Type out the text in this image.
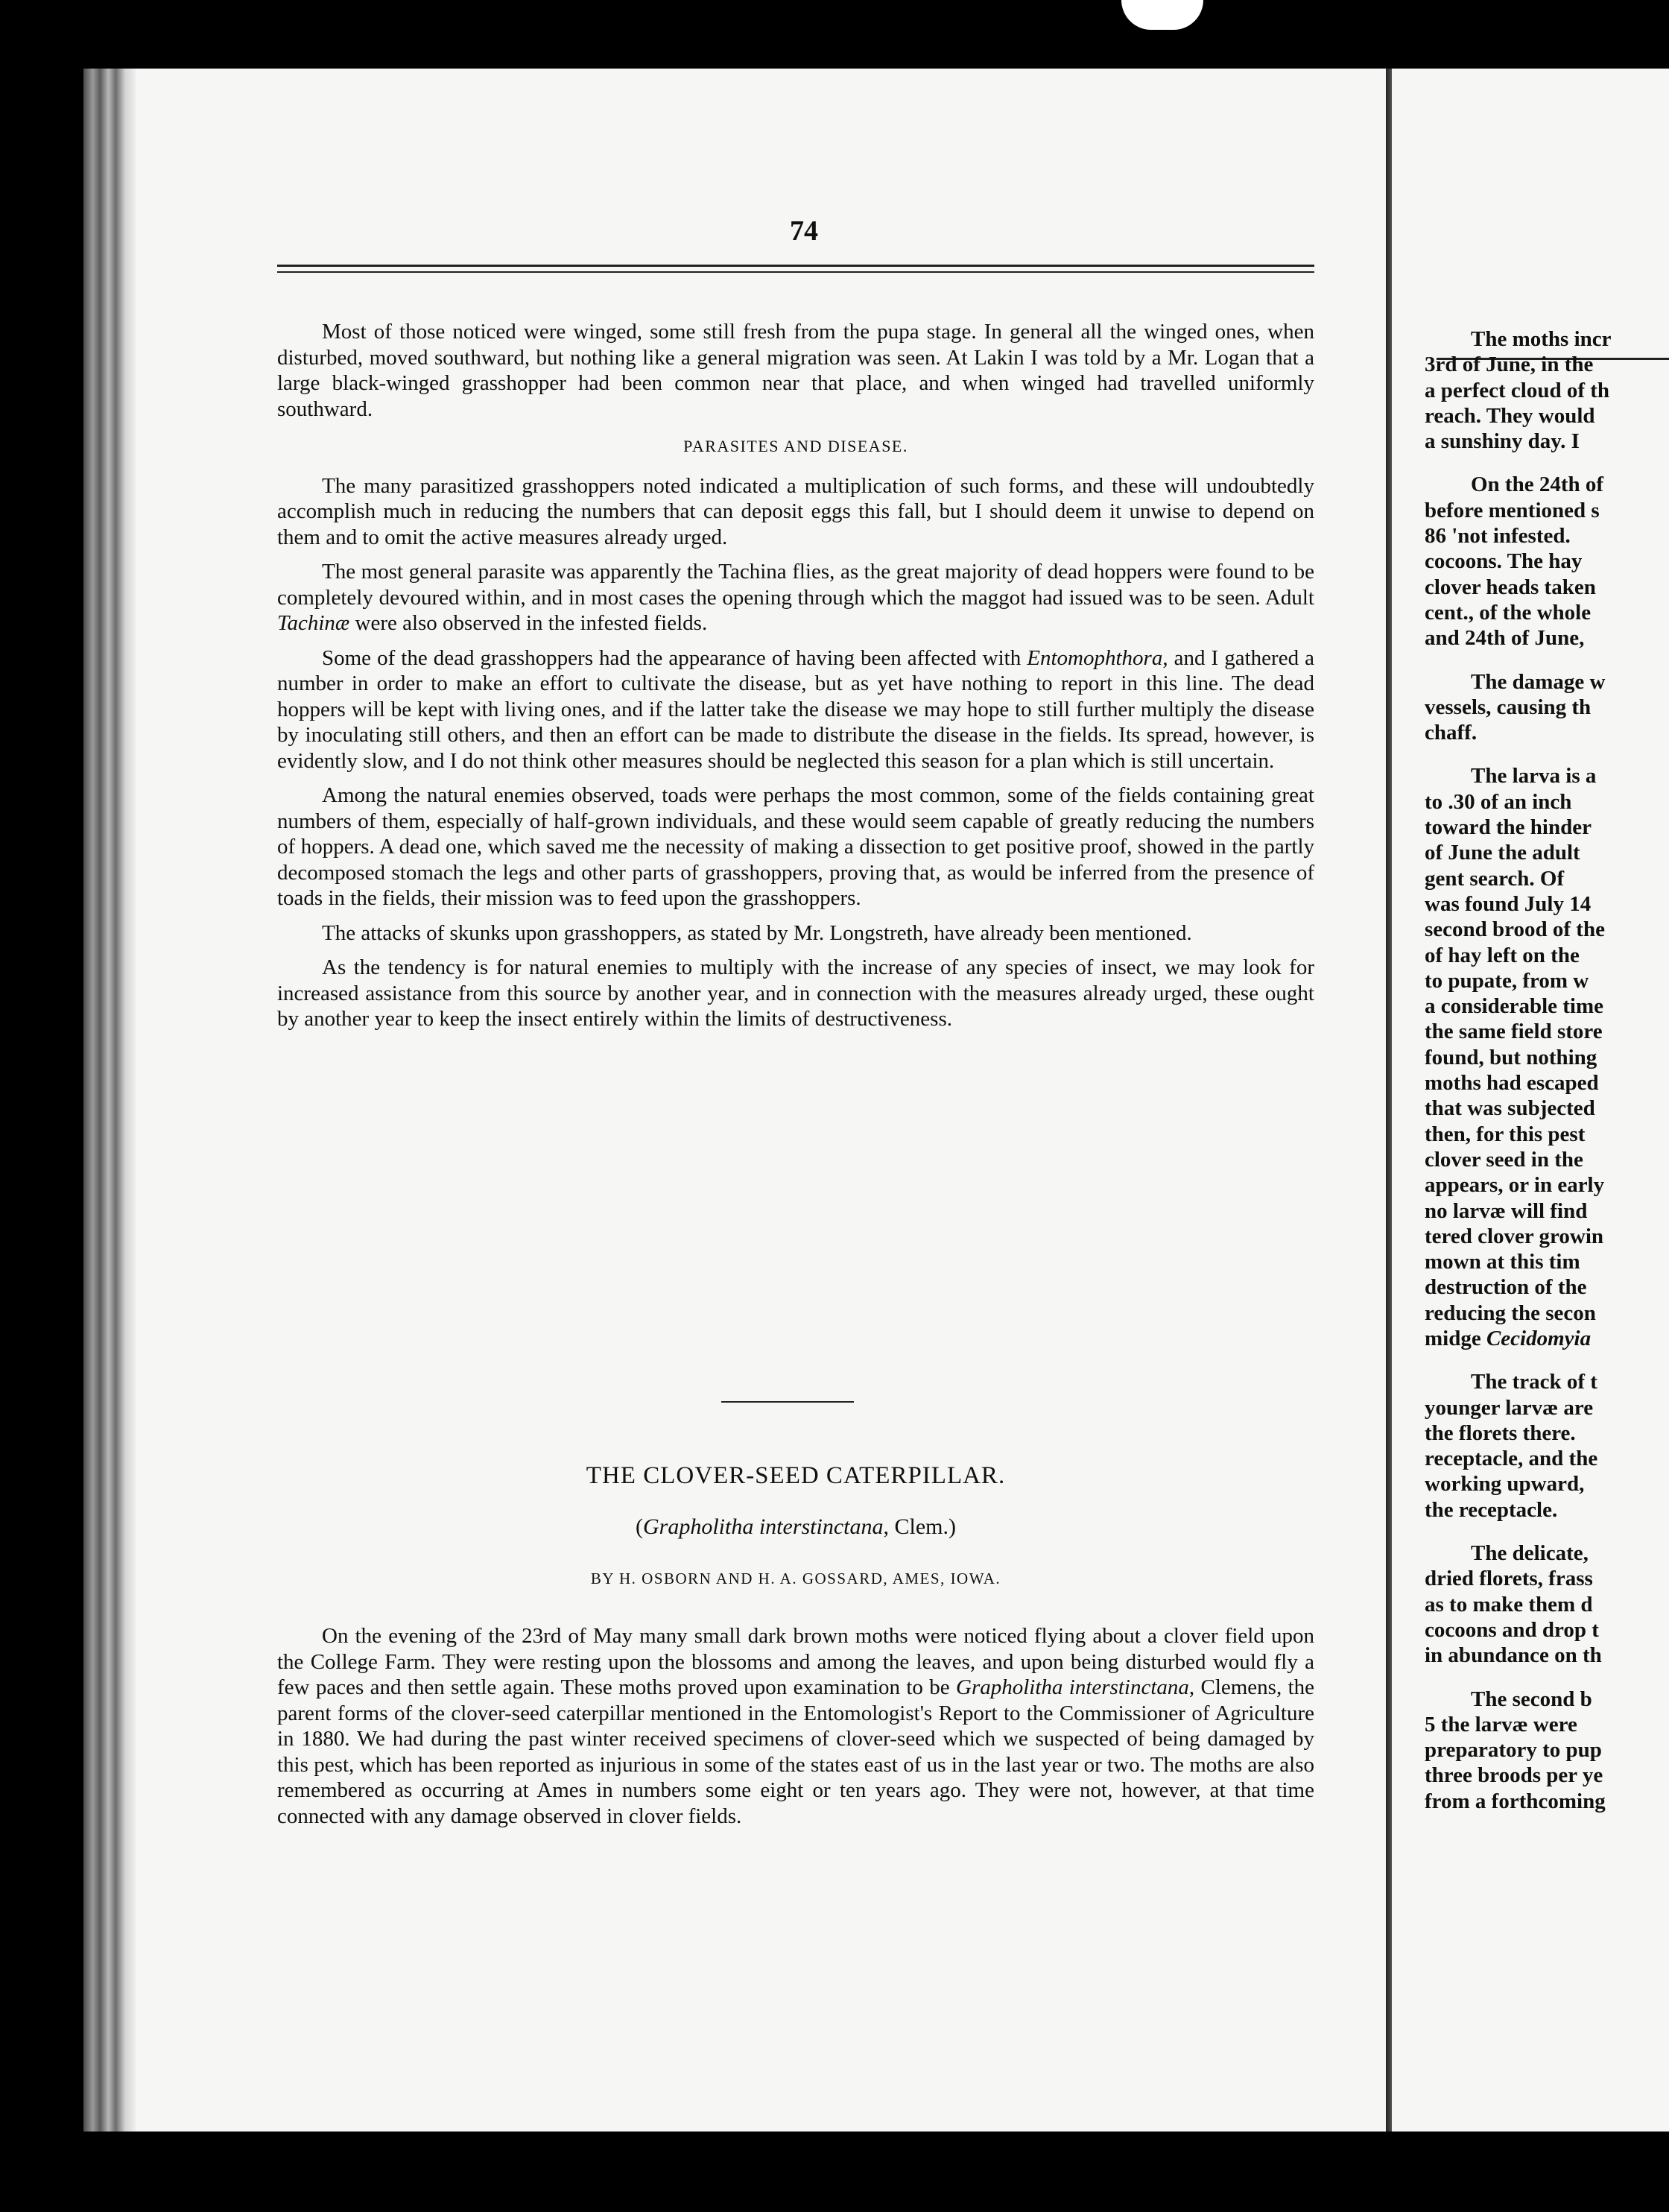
74

Most of those noticed were winged, some still fresh from the pupa stage. In general all the winged ones, when disturbed, moved southward, but nothing like a general migration was seen. At Lakin I was told by a Mr. Logan that a large black-winged grasshopper had been common near that place, and when winged had travelled uniformly southward.

PARASITES AND DISEASE.

The many parasitized grasshoppers noted indicated a multiplication of such forms, and these will undoubtedly accomplish much in reducing the numbers that can deposit eggs this fall, but I should deem it unwise to depend on them and to omit the active measures already urged.

The most general parasite was apparently the Tachina flies, as the great majority of dead hoppers were found to be completely devoured within, and in most cases the opening through which the maggot had issued was to be seen. Adult Tachinæ were also observed in the infested fields.

Some of the dead grasshoppers had the appearance of having been affected with Entomophthora, and I gathered a number in order to make an effort to cultivate the disease, but as yet have nothing to report in this line. The dead hoppers will be kept with living ones, and if the latter take the disease we may hope to still further multiply the disease by inoculating still others, and then an effort can be made to distribute the disease in the fields. Its spread, however, is evidently slow, and I do not think other measures should be neglected this season for a plan which is still uncertain.

Among the natural enemies observed, toads were perhaps the most common, some of the fields containing great numbers of them, especially of half-grown individuals, and these would seem capable of greatly reducing the numbers of hoppers. A dead one, which saved me the necessity of making a dissection to get positive proof, showed in the partly decomposed stomach the legs and other parts of grasshoppers, proving that, as would be inferred from the presence of toads in the fields, their mission was to feed upon the grasshoppers.

The attacks of skunks upon grasshoppers, as stated by Mr. Longstreth, have already been mentioned.

As the tendency is for natural enemies to multiply with the increase of any species of insect, we may look for increased assistance from this source by another year, and in connection with the measures already urged, these ought by another year to keep the insect entirely within the limits of destructiveness.

THE CLOVER-SEED CATERPILLAR.
(Grapholitha interstinctana, Clem.)
BY H. OSBORN AND H. A. GOSSARD, AMES, IOWA.

On the evening of the 23rd of May many small dark brown moths were noticed flying about a clover field upon the College Farm. They were resting upon the blossoms and among the leaves, and upon being disturbed would fly a few paces and then settle again. These moths proved upon examination to be Grapholitha interstinctana, Clemens, the parent forms of the clover-seed caterpillar mentioned in the Entomologist's Report to the Commissioner of Agriculture in 1880. We had during the past winter received specimens of clover-seed which we suspected of being damaged by this pest, which has been reported as injurious in some of the states east of us in the last year or two. The moths are also remembered as occurring at Ames in numbers some eight or ten years ago. They were not, however, at that time connected with any damage observed in clover fields.

The moths incr
3rd of June, in the
a perfect cloud of th
reach. They would
a sunshiny day. I
On the 24th of
before mentioned s
86 'not infested.
cocoons. The hay
clover heads taken
cent., of the whole
and 24th of June,
The damage w
vessels, causing th
chaff.
The larva is a
to .30 of an inch
toward the hinder
of June the adult
gent search. Of
was found July 14
second brood of the
of hay left on the
to pupate, from w
a considerable time
the same field store
found, but nothing
moths had escaped
that was subjected
then, for this pest
clover seed in the
appears, or in early
no larvæ will find
tered clover growin
mown at this tim
destruction of the
reducing the secon
midge Cecidomyia
The track of t
younger larvæ are
the florets there.
receptacle, and the
working upward,
the receptacle.
The delicate,
dried florets, frass
as to make them d
cocoons and drop t
in abundance on th
The second b
5 the larvæ were
preparatory to pup
three broods per ye
from a forthcoming
